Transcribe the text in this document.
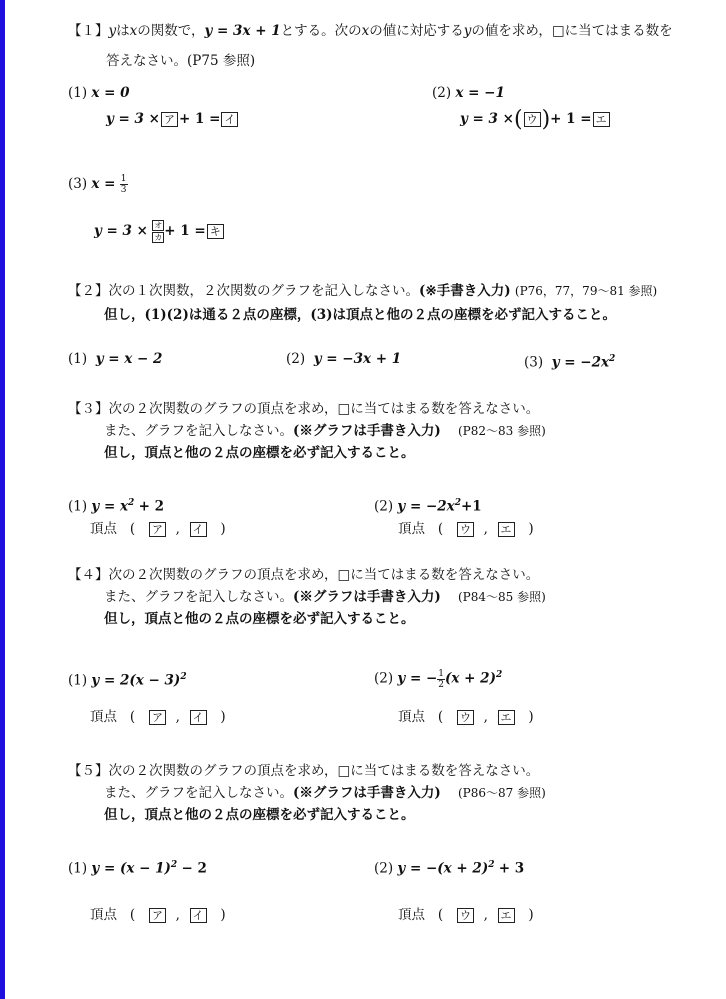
【１】yはxの関数で，y = 3x + 1とする。次のxの値に対応するyの値を求め，□に当てはまる数を
答えなさい。(P75 参照)
(1) x = 0
y = 3 × ア + 1 = イ
(2) x = −1
y = 3 ×( ウ )+ 1 = エ
(3) $x = \frac{1}{3}$
$y = 3 \times \frac{\text{オ}}{\text{カ}} + 1$ = キ
【２】次の１次関数，２次関数のグラフを記入しなさい。(※手書き入力) (P76，77，79～81 参照)
但し，(1)(2)は通る２点の座標，(3)は頂点と他の２点の座標を必ず記入すること。
(1) y = x − 2	(2) y = −3x + 1	(3) $y = -2x^2$
【３】次の２次関数のグラフの頂点を求め，□に当てはまる数を答えなさい。
また、グラフを記入しなさい。(※グラフは手書き入力) (P82～83 参照)
但し，頂点と他の２点の座標を必ず記入すること。
(1) $y = x^2 + 2$
頂点 ( ア , イ )
(2) $y = -2x^2+1$
頂点 ( ウ , エ )
【４】次の２次関数のグラフの頂点を求め，□に当てはまる数を答えなさい。
また、グラフを記入しなさい。(※グラフは手書き入力) (P84～85 参照)
但し，頂点と他の２点の座標を必ず記入すること。
(1) $y = 2(x - 3)^2$
頂点 ( ア , イ )
(2) y = − $\frac{1}{2} (x + 2)^2$
頂点 ( ウ , エ )
【５】次の２次関数のグラフの頂点を求め，□に当てはまる数を答えなさい。
また、グラフを記入しなさい。(※グラフは手書き入力) (P86～87 参照)
但し，頂点と他の２点の座標を必ず記入すること。
(1) $y = (x - 1)^2 - 2$
頂点 ( ア , イ )
(2) $y = -(x + 2)^2 + 3$
頂点 ( ウ , エ )
